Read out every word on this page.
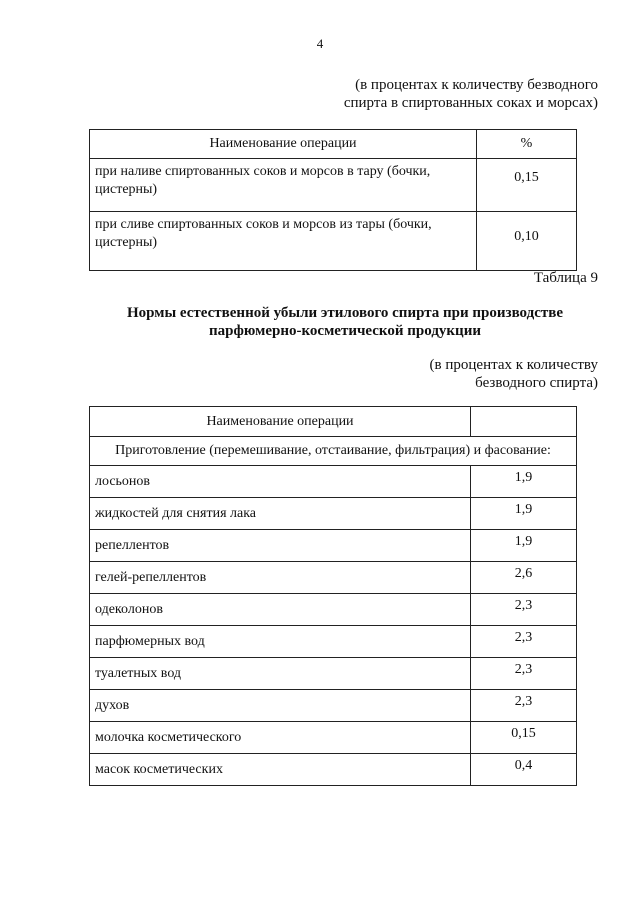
4
(в процентах к количеству безводного
спирта в спиртованных соках и морсах)
Наименование операции	%

при наливе спиртованных соков и морсов в тару (бочки,
цистерны)	0,15

при сливе спиртованных соков и морсов из тары (бочки,
цистерны)	0,10
Таблица 9
Нормы естественной убыли этилового спирта при производстве
парфюмерно-косметической продукции
(в процентах к количеству
безводного спирта)
Наименование операции	
Приготовление (перемешивание, отстаивание, фильтрация) и фасование:	
лосьонов	1,9
жидкостей для снятия лака	1,9
репеллентов	1,9
гелей-репеллентов	2,6
одеколонов	2,3
парфюмерных вод	2,3
туалетных вод	2,3
духов	2,3
молочка косметического	0,15
масок косметических	0,4
